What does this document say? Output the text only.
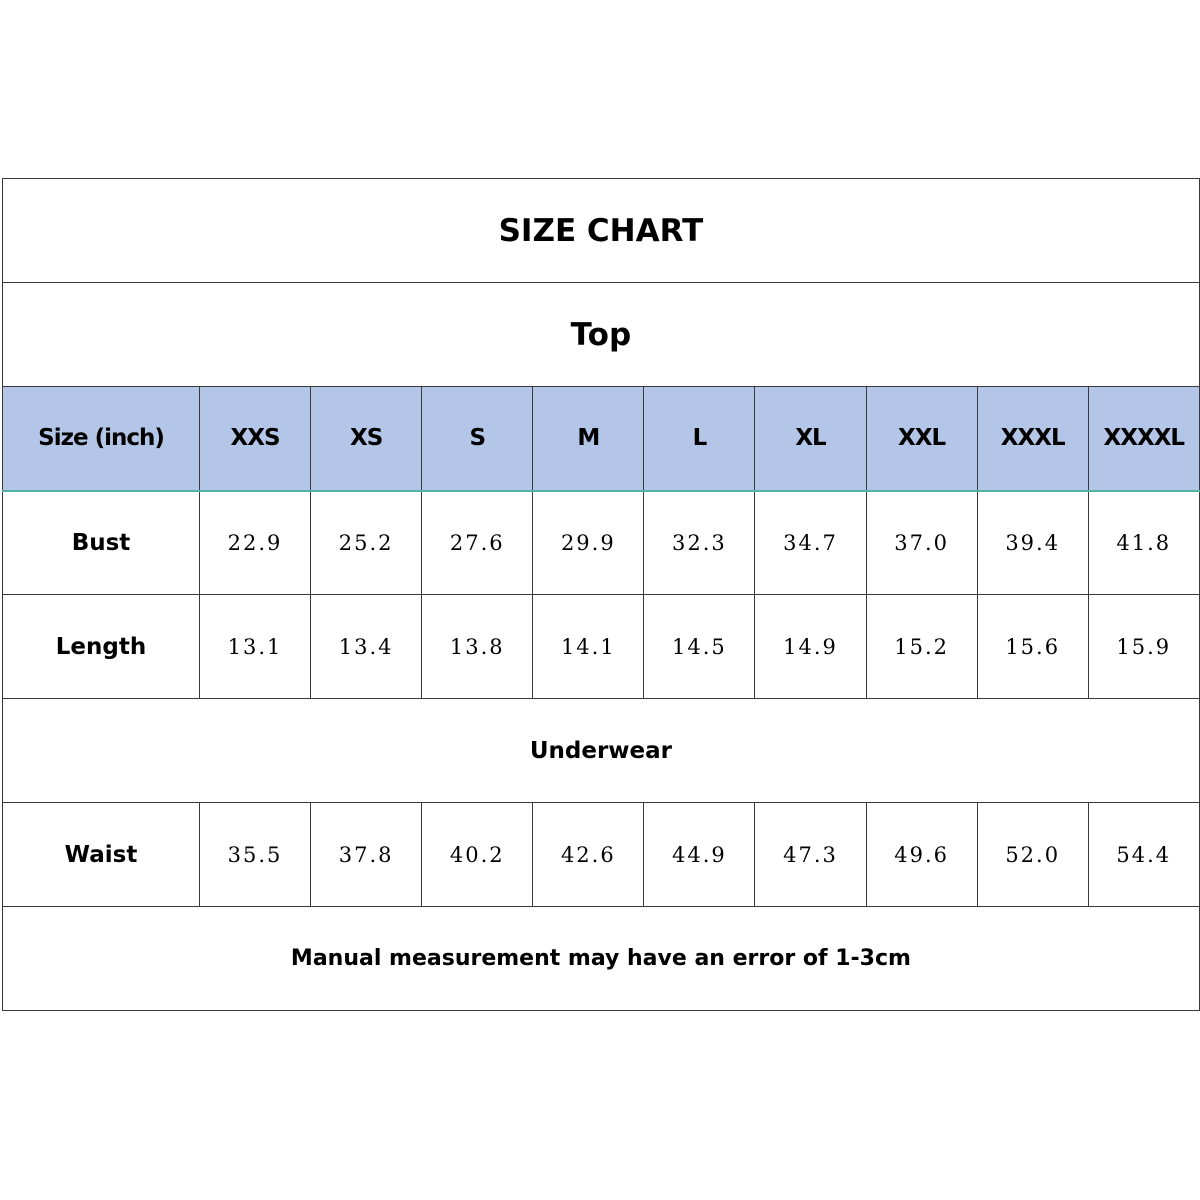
SIZE CHART									
Top									
Size (inch)	XXS	XS	S	M	L	XL	XXL	XXXL	XXXXL
Bust	22.9	25.2	27.6	29.9	32.3	34.7	37.0	39.4	41.8
Length	13.1	13.4	13.8	14.1	14.5	14.9	15.2	15.6	15.9
Underwear									
Waist	35.5	37.8	40.2	42.6	44.9	47.3	49.6	52.0	54.4
Manual measurement may have an error of 1-3cm									
